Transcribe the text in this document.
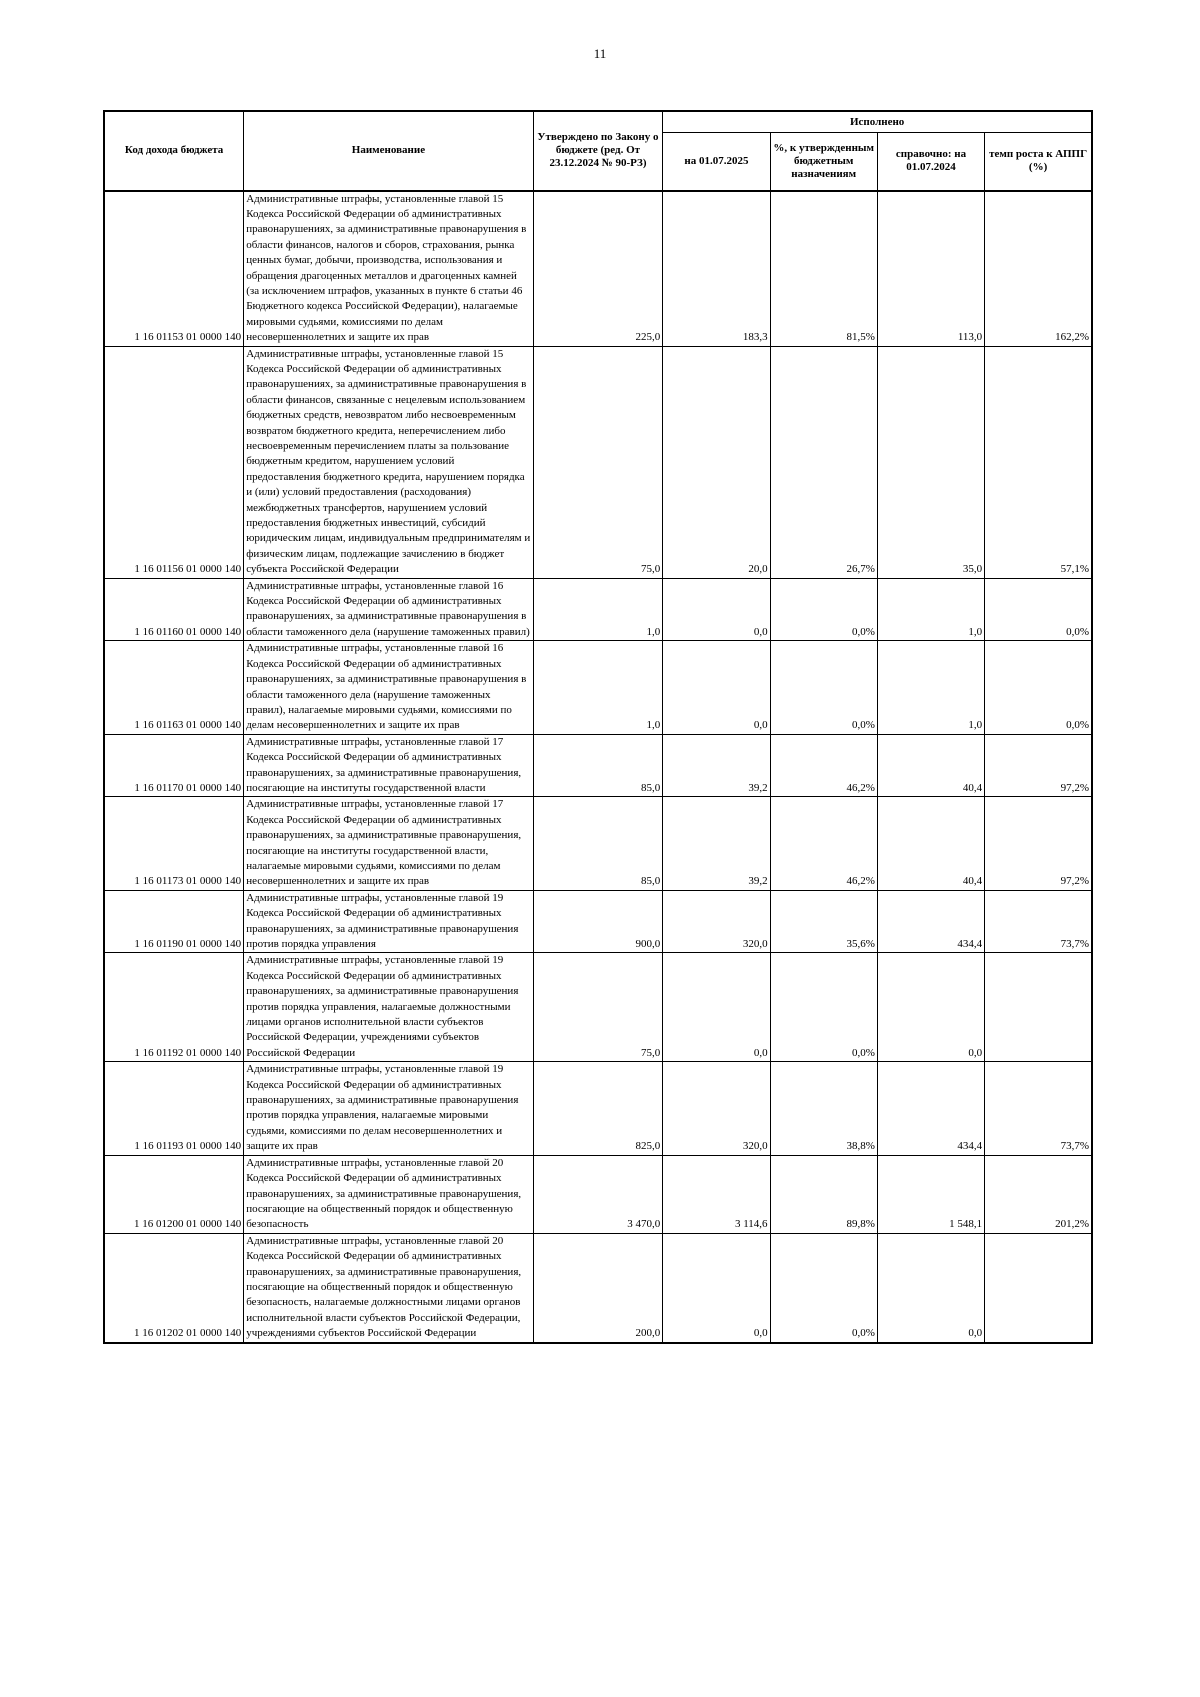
11
Код дохода бюджета	Наименование	Утверждено по Закону о бюджете (ред. От 23.12.2024 № 90-РЗ)	Исполнено			
			на 01.07.2025	%, к утвержденным бюджетным назначениям	справочно: на 01.07.2024	темп роста к АППГ (%)
1 16 01153 01 0000 140	Административные штрафы, установленные главой 15 Кодекса Российской Федерации об административных правонарушениях, за административные правонарушения в области финансов, налогов и сборов, страхования, рынка ценных бумаг, добычи, производства, использования и обращения драгоценных металлов и драгоценных камней (за исключением штрафов, указанных в пункте 6 статьи 46 Бюджетного кодекса Российской Федерации), налагаемые мировыми судьями, комиссиями по делам несовершеннолетних и защите их прав	225,0	183,3	81,5%	113,0	162,2%
1 16 01156 01 0000 140	Административные штрафы, установленные главой 15 Кодекса Российской Федерации об административных правонарушениях, за административные правонарушения в области финансов, связанные с нецелевым использованием бюджетных средств, невозвратом либо несвоевременным возвратом бюджетного кредита, неперечислением либо несвоевременным перечислением платы за пользование бюджетным кредитом, нарушением условий предоставления бюджетного кредита, нарушением порядка и (или) условий предоставления (расходования) межбюджетных трансфертов, нарушением условий предоставления бюджетных инвестиций, субсидий юридическим лицам, индивидуальным предпринимателям и физическим лицам, подлежащие зачислению в бюджет субъекта Российской Федерации	75,0	20,0	26,7%	35,0	57,1%
1 16 01160 01 0000 140	Административные штрафы, установленные главой 16 Кодекса Российской Федерации об административных правонарушениях, за административные правонарушения в области таможенного дела (нарушение таможенных правил)	1,0	0,0	0,0%	1,0	0,0%
1 16 01163 01 0000 140	Административные штрафы, установленные главой 16 Кодекса Российской Федерации об административных правонарушениях, за административные правонарушения в области таможенного дела (нарушение таможенных правил), налагаемые мировыми судьями, комиссиями по делам несовершеннолетних и защите их прав	1,0	0,0	0,0%	1,0	0,0%
1 16 01170 01 0000 140	Административные штрафы, установленные главой 17 Кодекса Российской Федерации об административных правонарушениях, за административные правонарушения, посягающие на институты государственной власти	85,0	39,2	46,2%	40,4	97,2%
1 16 01173 01 0000 140	Административные штрафы, установленные главой 17 Кодекса Российской Федерации об административных правонарушениях, за административные правонарушения, посягающие на институты государственной власти, налагаемые мировыми судьями, комиссиями по делам несовершеннолетних и защите их прав	85,0	39,2	46,2%	40,4	97,2%
1 16 01190 01 0000 140	Административные штрафы, установленные главой 19 Кодекса Российской Федерации об административных правонарушениях, за административные правонарушения против порядка управления	900,0	320,0	35,6%	434,4	73,7%
1 16 01192 01 0000 140	Административные штрафы, установленные главой 19 Кодекса Российской Федерации об административных правонарушениях, за административные правонарушения против порядка управления, налагаемые должностными лицами органов исполнительной власти субъектов Российской Федерации, учреждениями субъектов Российской Федерации	75,0	0,0	0,0%	0,0	
1 16 01193 01 0000 140	Административные штрафы, установленные главой 19 Кодекса Российской Федерации об административных правонарушениях, за административные правонарушения против порядка управления, налагаемые мировыми судьями, комиссиями по делам несовершеннолетних и защите их прав	825,0	320,0	38,8%	434,4	73,7%
1 16 01200 01 0000 140	Административные штрафы, установленные главой 20 Кодекса Российской Федерации об административных правонарушениях, за административные правонарушения, посягающие на общественный порядок и общественную безопасность	3 470,0	3 114,6	89,8%	1 548,1	201,2%
1 16 01202 01 0000 140	Административные штрафы, установленные главой 20 Кодекса Российской Федерации об административных правонарушениях, за административные правонарушения, посягающие на общественный порядок и общественную безопасность, налагаемые должностными лицами органов исполнительной власти субъектов Российской Федерации, учреждениями субъектов Российской Федерации	200,0	0,0	0,0%	0,0	
